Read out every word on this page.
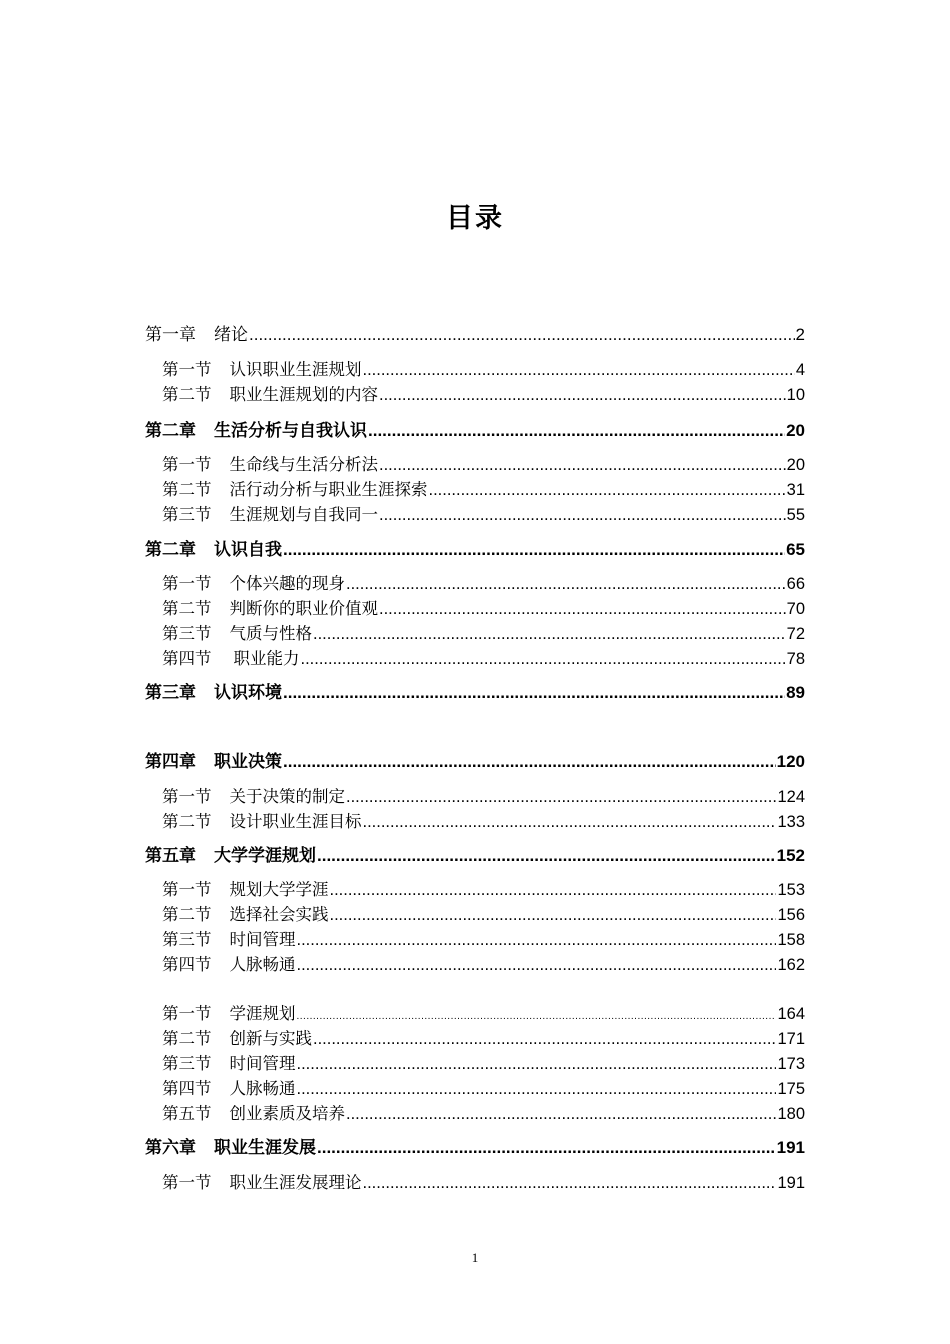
目录
第一章 绪论 .....	2
第一节 认识职业生涯规划 .....	4
第二节 职业生涯规划的内容 .....	10
第二章 生活分析与自我认识 .....	20
第一节 生命线与生活分析法 .....	20
第二节 活行动分析与职业生涯探索 .....	31
第三节 生涯规划与自我同一 .....	55
第二章 认识自我 .....	65
第一节 个体兴趣的现身 .....	66
第二节 判断你的职业价值观 .....	70
第三节 气质与性格 .....	72
第四节 职业能力 .....	78
第三章 认识环境 .....	89
第四章 职业决策 .....	120
第一节 关于决策的制定 .....	124
第二节 设计职业生涯目标 .....	133
第五章 大学学涯规划 .....	152
第一节 规划大学学涯 .....	153
第二节 选择社会实践 .....	156
第三节 时间管理 .....	158
第四节 人脉畅通 .....	162
第一节 学涯规划 .....	164
第二节 创新与实践 .....	171
第三节 时间管理 .....	173
第四节 人脉畅通 .....	175
第五节 创业素质及培养 .....	180
第六章 职业生涯发展 .....	191
第一节 职业生涯发展理论 .....	191
1
